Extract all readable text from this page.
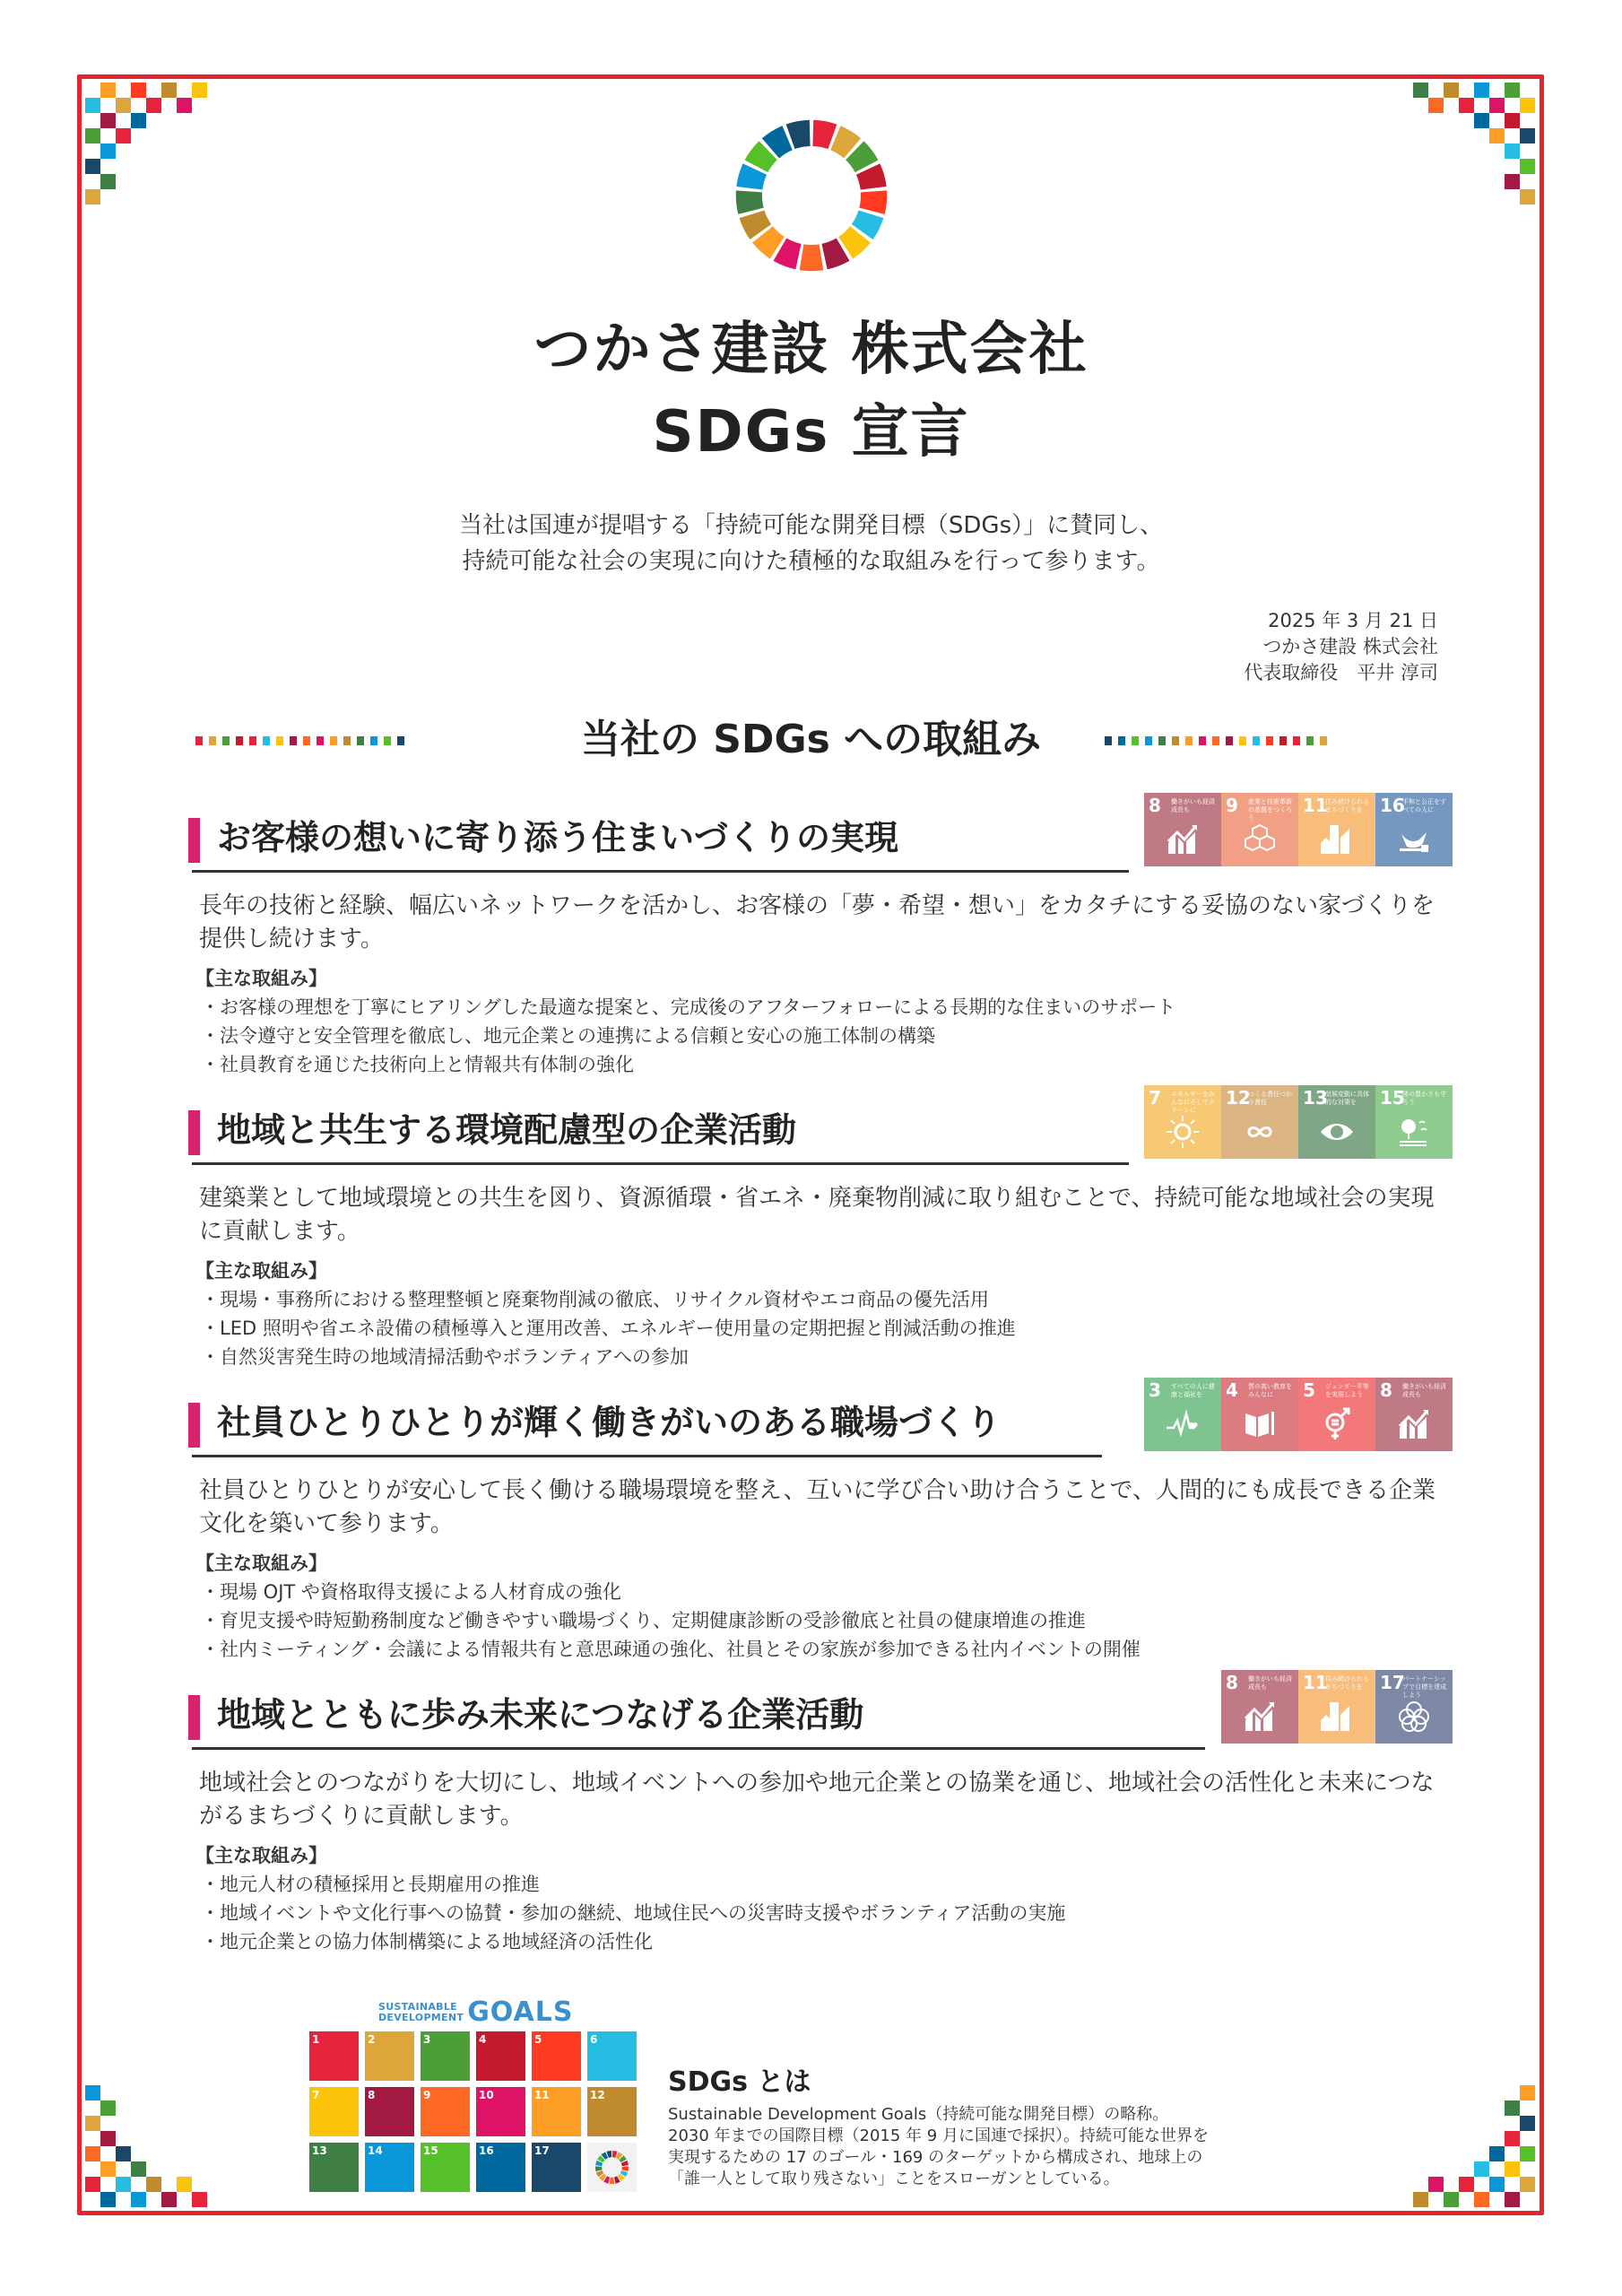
つかさ建設 株式会社
SDGs 宣言
当社は国連が提唱する「持続可能な開発目標（SDGs）」に賛同し、
持続可能な社会の実現に向けた積極的な取組みを行って参ります。
2025 年 3 月 21 日
つかさ建設 株式会社
代表取締役　平井 淳司
当社の SDGs への取組み
お客様の想いに寄り添う住まいづくりの実現
8 働きがいも経済成長も	9 産業と技術革新の基盤をつくろう
11
住み続けられるまちづくりを 16
平和と公正をすべての人に
長年の技術と経験、幅広いネットワークを活かし、お客様の「夢・希望・想い」をカタチにする妥協のない家づくりを提供し続けます。
【主な取組み】
・お客様の理想を丁寧にヒアリングした最適な提案と、完成後のアフターフォローによる長期的な住まいのサポート
・法令遵守と安全管理を徹底し、地元企業との連携による信頼と安心の施工体制の構築
・社員教育を通じた技術向上と情報共有体制の強化
地域と共生する環境配慮型の企業活動
7 エネルギーをみんなにそしてクリーンに
12
つくる責任つかう責任	13
気候変動に具体的な対策を	15
陸の豊かさも守ろう
建築業として地域環境との共生を図り、資源循環・省エネ・廃棄物削減に取り組むことで、持続可能な地域社会の実現に貢献します。
【主な取組み】
・現場・事務所における整理整頓と廃棄物削減の徹底、リサイクル資材やエコ商品の優先活用
・LED 照明や省エネ設備の積極導入と運用改善、エネルギー使用量の定期把握と削減活動の推進
・自然災害発生時の地域清掃活動やボランティアへの参加
社員ひとりひとりが輝く働きがいのある職場づくり
3 すべての人に健康と福祉を	4 質の高い教育をみんなに	5 ジェンダー平等を実現しよう 8 働きがいも経済成長も
社員ひとりひとりが安心して長く働ける職場環境を整え、互いに学び合い助け合うことで、人間的にも成長できる企業文化を築いて参ります。
【主な取組み】
・現場 OJT や資格取得支援による人材育成の強化
・育児支援や時短勤務制度など働きやすい職場づくり、定期健康診断の受診徹底と社員の健康増進の推進
・社内ミーティング・会議による情報共有と意思疎通の強化、社員とその家族が参加できる社内イベントの開催
地域とともに歩み未来につなげる企業活動
8 働きがいも経済成長も	11
住み続けられるまちづくりを 17
パートナーシップで目標を達成しよう
地域社会とのつながりを大切にし、地域イベントへの参加や地元企業との協業を通じ、地域社会の活性化と未来につながるまちづくりに貢献します。
【主な取組み】
・地元人材の積極採用と長期雇用の推進
・地域イベントや文化行事への協賛・参加の継続、地域住民への災害時支援やボランティア活動の実施
・地元企業との協力体制構築による地域経済の活性化
SUSTAINABLE
DEVELOPMENT GOALS
1	2	3	4	5	6
7	8	9	10	11	12
13	14	15	16	17
SDGs とは
Sustainable Development Goals（持続可能な開発目標）の略称。
2030 年までの国際目標（2015 年 9 月に国連で採択）。持続可能な世界を
実現するための 17 のゴール・169 のターゲットから構成され、地球上の
「誰一人として取り残さない」ことをスローガンとしている。
